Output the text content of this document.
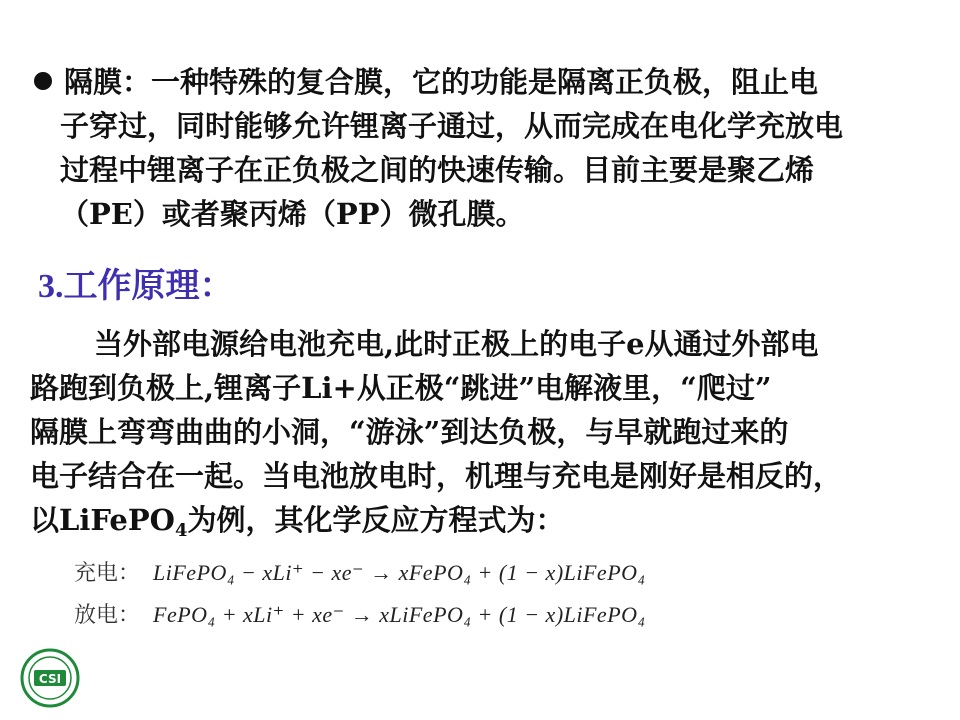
隔膜：一种特殊的复合膜，它的功能是隔离正负极，阻止电
子穿过，同时能够允许锂离子通过，从而完成在电化学充放电
过程中锂离子在正负极之间的快速传输。目前主要是聚乙烯
（PE）或者聚丙烯（PP）微孔膜。
3.工作原理：
当外部电源给电池充电,此时正极上的电子e从通过外部电
路跑到负极上,锂离子Li+从正极“跳进”电解液里，“爬过”
隔膜上弯弯曲曲的小洞，“游泳”到达负极，与早就跑过来的
电子结合在一起。当电池放电时，机理与充电是刚好是相反的，
以LiFePO$_4$为例，其化学反应方程式为：
充电： LiFePO₄ − xLi⁺ − xe⁻ → xFePO₄ + (1 − x)LiFePO₄
放电： FePO₄ + xLi⁺ + xe⁻ → xLiFePO₄ + (1 − x)LiFePO₄
CSI
